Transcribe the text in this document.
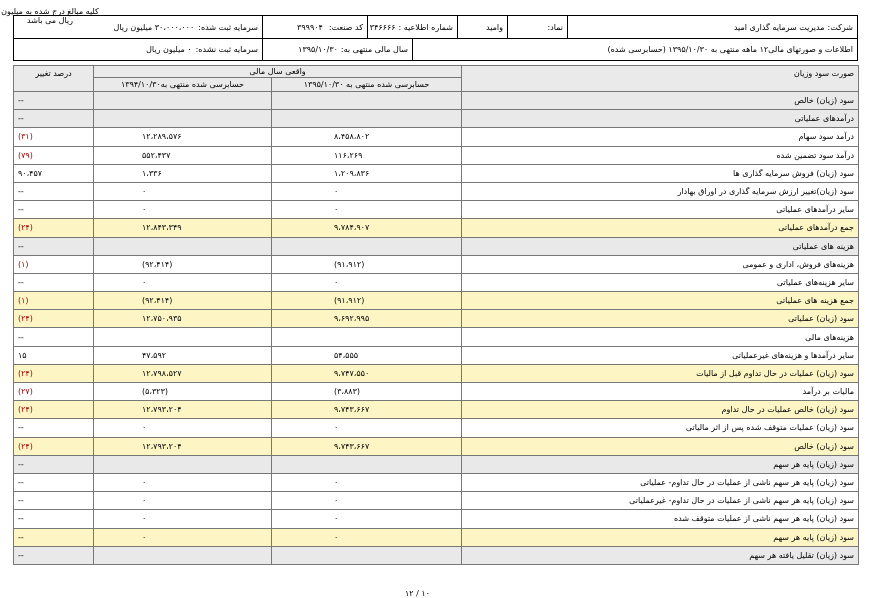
کلیه مبالغ درج شده به میلیون ریال می باشد
شرکت:
مدیریت سرمایه گذاری امید
نماد:
وامید
شماره اطلاعیه :
۳۴۶۶۶۶
کد صنعت:
۳۹۹۹۰۴
سرمایه ثبت شده:
۳۰،۰۰۰،۰۰۰ میلیون ریال
اطلاعات و صورتهای مالی۱۲ ماهه منتهی به ۱۳۹۵/۱۰/۳۰ (حسابرسی شده)
سال مالی منتهی به:
۱۳۹۵/۱۰/۳۰
سرمایه ثبت نشده:
۰ میلیون ریال
صورت سود وزیان	واقعی سال مالی		درصد تغییر
	حسابرسی شده منتهی به ۱۳۹۵/۱۰/۳۰	حسابرسی شده منتهی به۱۳۹۴/۱۰/۳۰	
سود (زیان) خالص			--
درآمدهای عملیاتی			--
درآمد سود سهام	۸،۴۵۸،۸۰۲	۱۲،۲۸۹،۵۷۶	(۳۱)
درآمد سود تضمین شده	۱۱۶،۲۶۹	۵۵۲،۴۳۷	(۷۹)
سود (زیان) فروش سرمایه گذاری ها	۱،۲۰۹،۸۳۶	۱،۳۳۶	۹۰،۴۵۷
سود (زیان)تغییر ارزش سرمایه گذاری در اوراق بهادار	۰	۰	--
سایر درآمدهای عملیاتی	۰	۰	--
جمع درآمدهای عملیاتی	۹،۷۸۴،۹۰۷	۱۲،۸۴۳،۳۴۹	(۲۴)
هزینه های عملیاتی			--
هزینه‌های فروش، اداری و عمومی	(۹۱،۹۱۲)	(۹۲،۴۱۴)	(۱)
سایر هزینه‌های عملیاتی	۰	۰	--
جمع هزینه های عملیاتی	(۹۱،۹۱۲)	(۹۲،۴۱۴)	(۱)
سود (زیان) عملیاتی	۹،۶۹۲،۹۹۵	۱۲،۷۵۰،۹۳۵	(۲۴)
هزینه‌های مالی			--
سایر درآمدها و هزینه‌های غیرعملیاتی	۵۴،۵۵۵	۴۷،۵۹۲	۱۵
سود (زیان) عملیات در حال تداوم قبل از مالیات	۹،۷۴۷،۵۵۰	۱۲،۷۹۸،۵۲۷	(۲۴)
مالیات بر درآمد	(۳،۸۸۳)	(۵،۳۲۳)	(۲۷)
سود (زیان) خالص عملیات در حال تداوم	۹،۷۴۳،۶۶۷	۱۲،۷۹۳،۲۰۴	(۲۴)
سود (زیان) عملیات متوقف شده پس از اثر مالیاتی	۰	۰	--
سود (زیان) خالص	۹،۷۴۳،۶۶۷	۱۲،۷۹۳،۲۰۴	(۲۴)
سود (زیان) پایه هر سهم			--
سود (زیان) پایه هر سهم ناشی از عملیات در حال تداوم- عملیاتی	۰	۰	--
سود (زیان) پایه هر سهم ناشی از عملیات در حال تداوم- غیرعملیاتی	۰	۰	--
سود (زیان) پایه هر سهم ناشی از عملیات متوقف شده	۰	۰	--
سود (زیان) پایه هر سهم	۰	۰	--
سود (زیان) تقلیل یافته هر سهم			--
۱۲ / ۱۰
